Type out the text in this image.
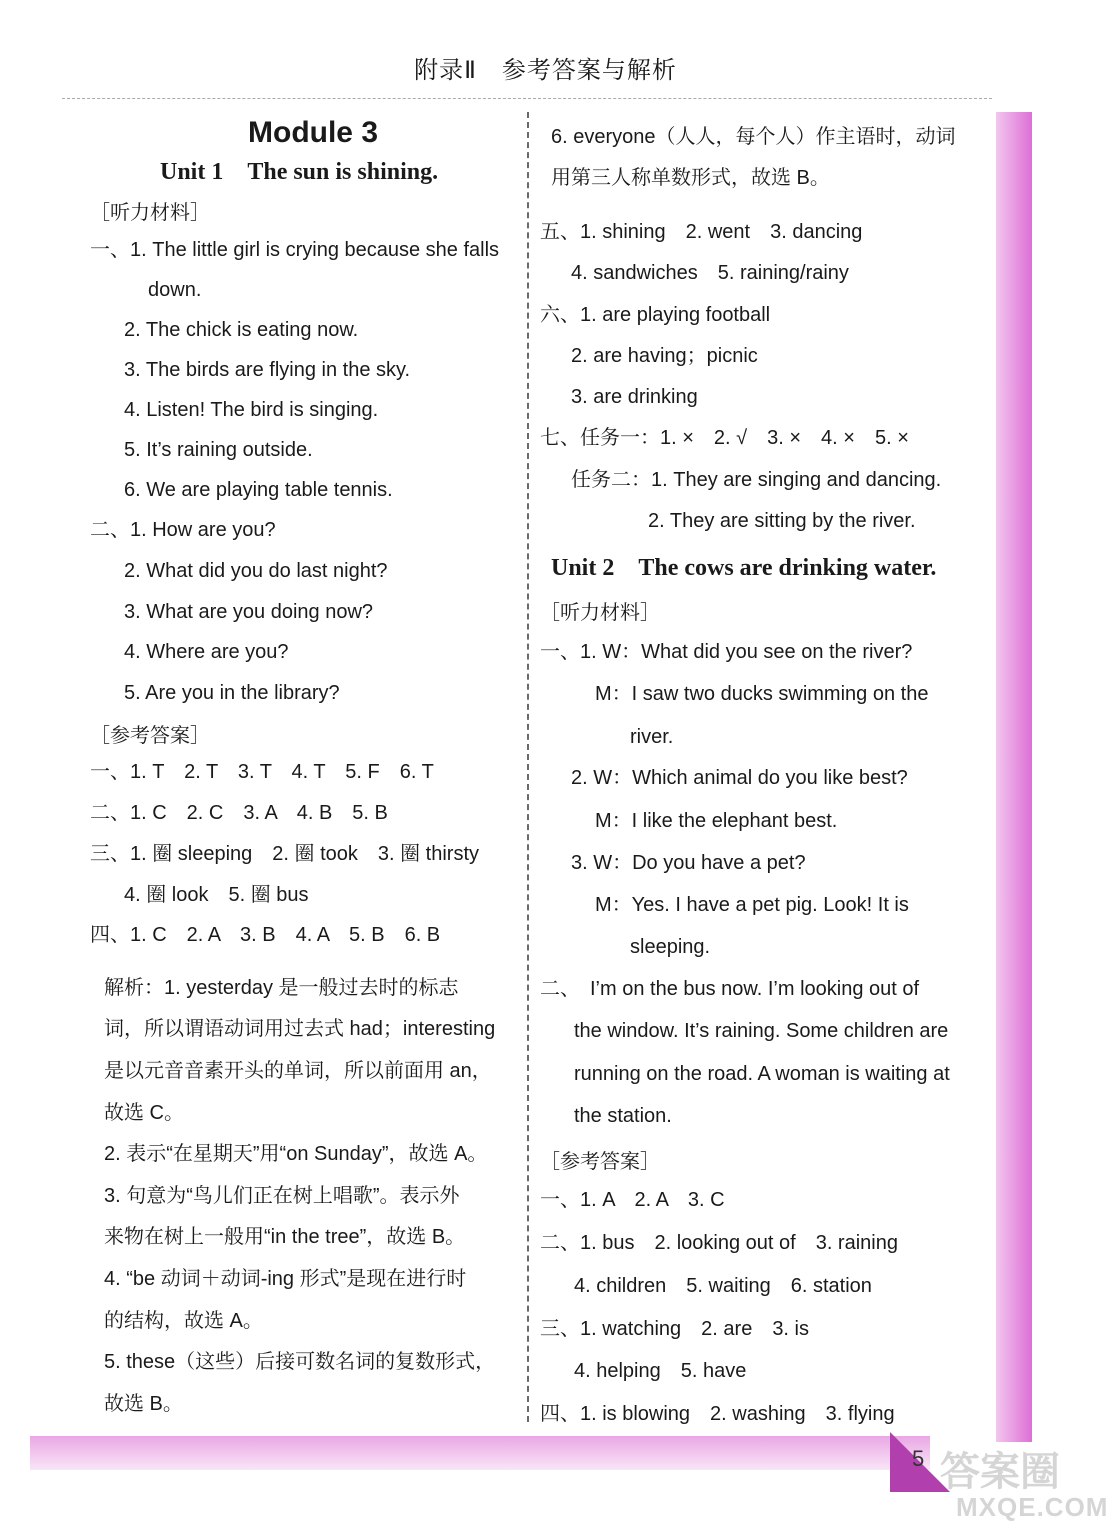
附录Ⅱ　参考答案与解析
5 答案圈
MXQE.COM
Module 3
Unit 1　The sun is shining.
［听力材料］
一、1. The little girl is crying because she falls
down.
2. The chick is eating now.
3. The birds are flying in the sky.
4. Listen! The bird is singing.
5. It’s raining outside.
6. We are playing table tennis.
二、1. How are you?
2. What did you do last night?
3. What are you doing now?
4. Where are you?
5. Are you in the library?
［参考答案］
一、1. T　2. T　3. T　4. T　5. F　6. T
二、1. C　2. C　3. A　4. B　5. B
三、1. 圈 sleeping　2. 圈 took　3. 圈 thirsty
4. 圈 look　5. 圈 bus
四、1. C　2. A　3. B　4. A　5. B　6. B
解析：1. yesterday 是一般过去时的标志
词，所以谓语动词用过去式 had；interesting
是以元音音素开头的单词，所以前面用 an，
故选 C。
2. 表示“在星期天”用“on Sunday”，故选 A。
3. 句意为“鸟儿们正在树上唱歌”。表示外
来物在树上一般用“in the tree”，故选 B。
4. “be 动词＋动词-ing 形式”是现在进行时
的结构，故选 A。
5. these（这些）后接可数名词的复数形式，
故选 B。
6. everyone（人人，每个人）作主语时，动词
用第三人称单数形式，故选 B。
五、1. shining　2. went　3. dancing
4. sandwiches　5. raining/rainy
六、1. are playing football
2. are having；picnic
3. are drinking
七、任务一：1. ×　2. √　3. ×　4. ×　5. ×
任务二：1. They are singing and dancing.
2. They are sitting by the river.
Unit 2　The cows are drinking water.
［听力材料］
一、1. W：What did you see on the river?
M：I saw two ducks swimming on the
river.
2. W：Which animal do you like best?
M：I like the elephant best.
3. W：Do you have a pet?
M：Yes. I have a pet pig. Look! It is
sleeping.
二、　I’m on the bus now. I’m looking out of
the window. It’s raining. Some children are
running on the road. A woman is waiting at
the station.
［参考答案］
一、1. A　2. A　3. C
二、1. bus　2. looking out of　3. raining
4. children　5. waiting　6. station
三、1. watching　2. are　3. is
4. helping　5. have
四、1. is blowing　2. washing　3. flying
